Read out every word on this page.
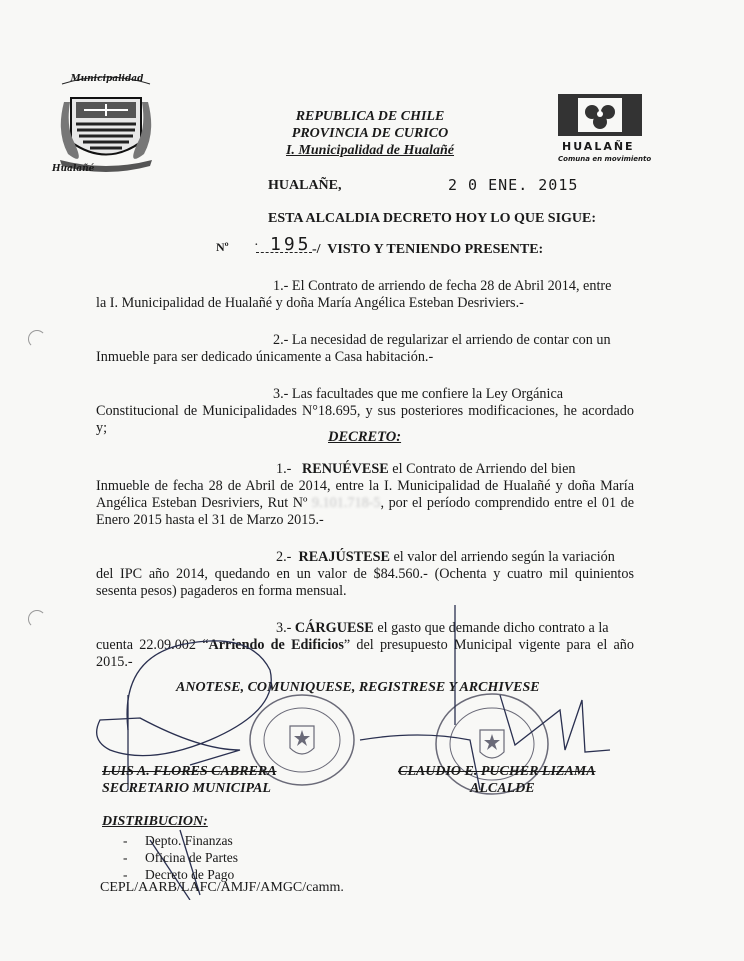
Municipalidad
Hualañé
HUALAÑE
Comuna en movimiento
REPUBLICA DE CHILE
PROVINCIA DE CURICO
I. Municipalidad de Hualañé
HUALAÑE,	2 0 ENE. 2015
ESTA ALCALDIA DECRETO HOY LO QUE SIGUE:
Nº · 195 -/  VISTO Y TENIENDO PRESENTE:
1.- El Contrato de arriendo de fecha 28 de Abril 2014, entre
la I. Municipalidad de Hualañé y doña María Angélica Esteban Desriviers.-
2.- La necesidad de regularizar el arriendo de contar con un
Inmueble para ser dedicado únicamente a Casa habitación.-
3.- Las facultades que me confiere la Ley Orgánica
Constitucional de Municipalidades N°18.695, y sus posteriores modificaciones, he acordado y;
DECRETO:
1.- RENUÉVESE el Contrato de Arriendo del bien
Inmueble de fecha 28 de Abril de 2014, entre la I. Municipalidad de Hualañé y doña María Angélica Esteban Desriviers, Rut Nº 9.101.718-5, por el período comprendido entre el 01 de Enero 2015 hasta el 31 de Marzo 2015.-
2.- REAJÚSTESE el valor del arriendo según la variación
del IPC año 2014, quedando en un valor de $84.560.- (Ochenta y cuatro mil quinientos sesenta pesos) pagaderos en forma mensual.
3.- CÁRGUESE el gasto que demande dicho contrato a la
cuenta 22.09.002 “Arriendo de Edificios” del presupuesto Municipal vigente para el año 2015.-
ANOTESE, COMUNIQUESE, REGISTRESE Y ARCHIVESE
LUIS A. FLORES CABRERA
SECRETARIO MUNICIPAL
CLAUDIO E. PUCHER LIZAMA
ALCALDE
DISTRIBUCION:
- Depto. Finanzas
- Oficina de Partes
- Decreto de Pago
CEPL/AARB/LAFC/AMJF/AMGC/camm.
